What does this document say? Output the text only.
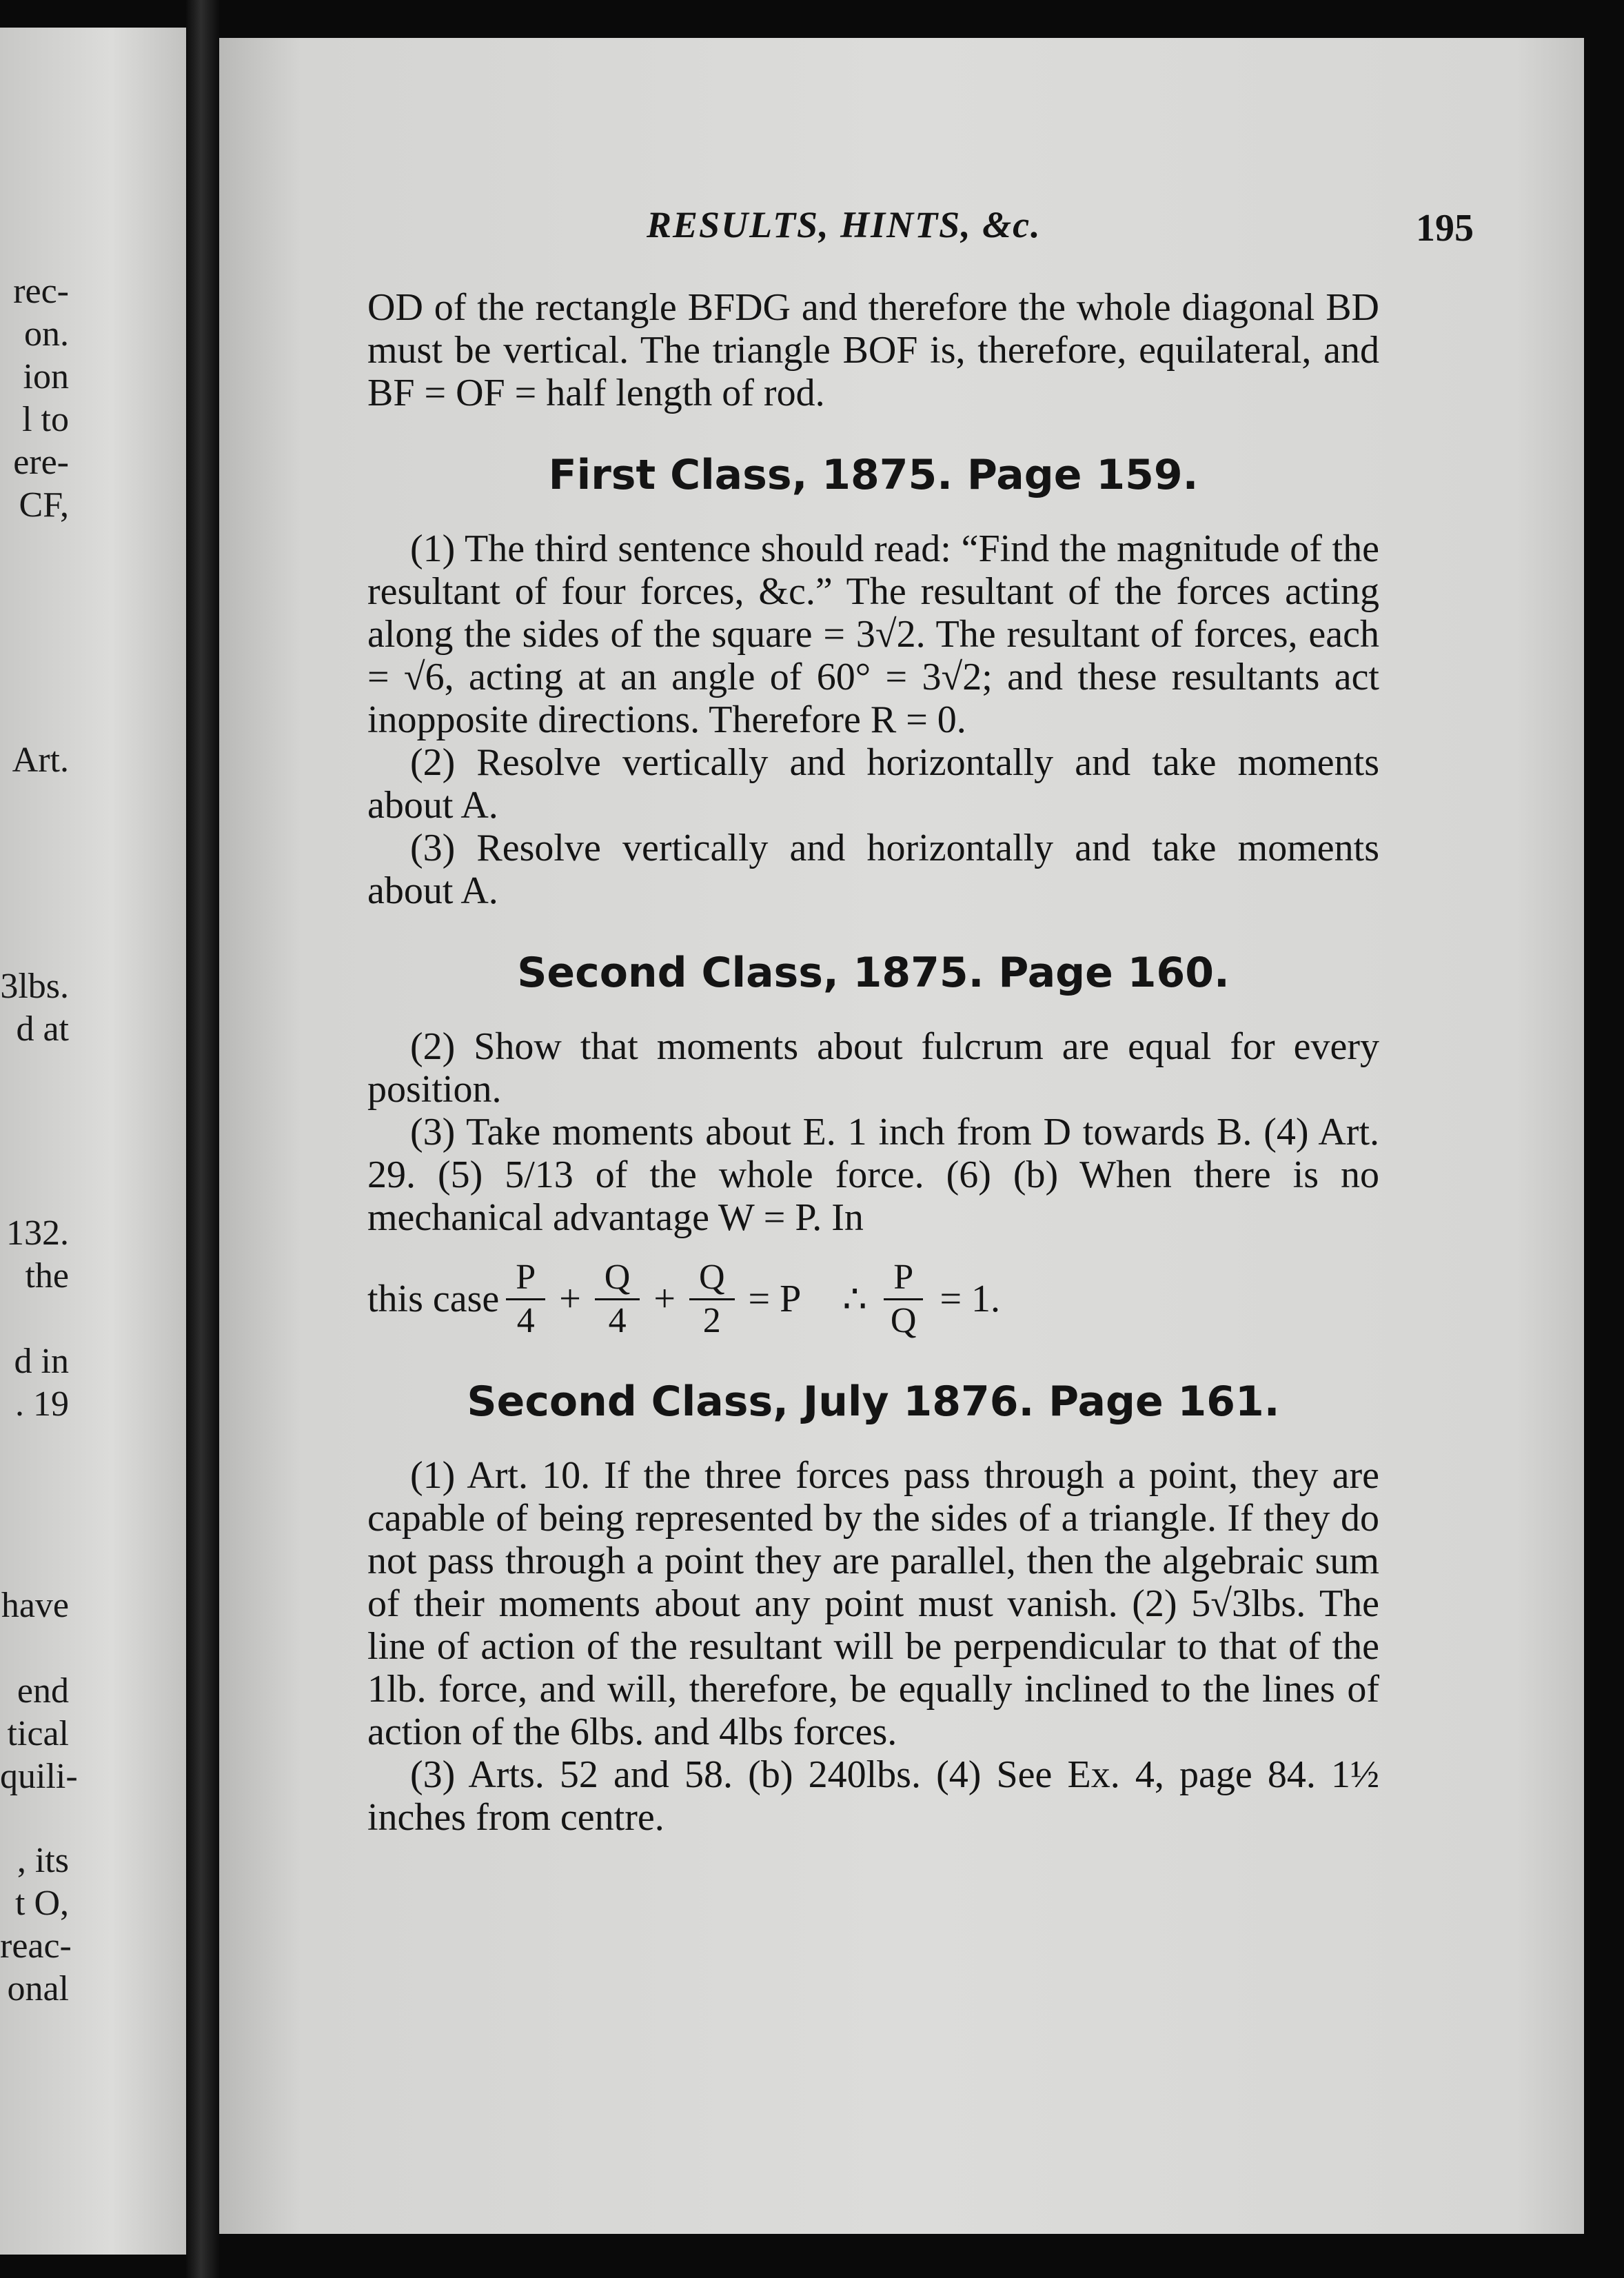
rec-
on.
ion
l to
ere-
CF,
Art.
3lbs.
d at
132.
the
d in
. 19
have
end
tical
quili-
, its
t O,
reac-
onal
RESULTS, HINTS, &c.	195

OD of the rectangle BFDG and therefore the whole diagonal BD must be vertical. The triangle BOF is, therefore, equilateral, and BF = OF = half length of rod.

First Class, 1875. Page 159.

(1) The third sentence should read: “Find the magnitude of the resultant of four forces, &c.” The resultant of the forces acting along the sides of the square = 3√2. The resultant of forces, each = √6, acting at an angle of 60° = 3√2; and these resultants act inopposite directions. Therefore R = 0.

(2) Resolve vertically and horizontally and take moments about A.

(3) Resolve vertically and horizontally and take moments about A.

Second Class, 1875. Page 160.

(2) Show that moments about fulcrum are equal for every position.

(3) Take moments about E. 1 inch from D towards B. (4) Art. 29. (5) 5/13 of the whole force. (6) (b) When there is no mechanical advantage W = P. In

this case $\frac{P}{4} + \frac{Q}{4} + \frac{Q}{2} = P$ ∴ $\frac{P}{Q} = 1$.
Second Class, July 1876. Page 161.

(1) Art. 10. If the three forces pass through a point, they are capable of being represented by the sides of a triangle. If they do not pass through a point they are parallel, then the algebraic sum of their moments about any point must vanish. (2) 5√3lbs. The line of action of the resultant will be perpendicular to that of the 1lb. force, and will, therefore, be equally inclined to the lines of action of the 6lbs. and 4lbs forces.

(3) Arts. 52 and 58. (b) 240lbs. (4) See Ex. 4, page 84. 1½ inches from centre.
